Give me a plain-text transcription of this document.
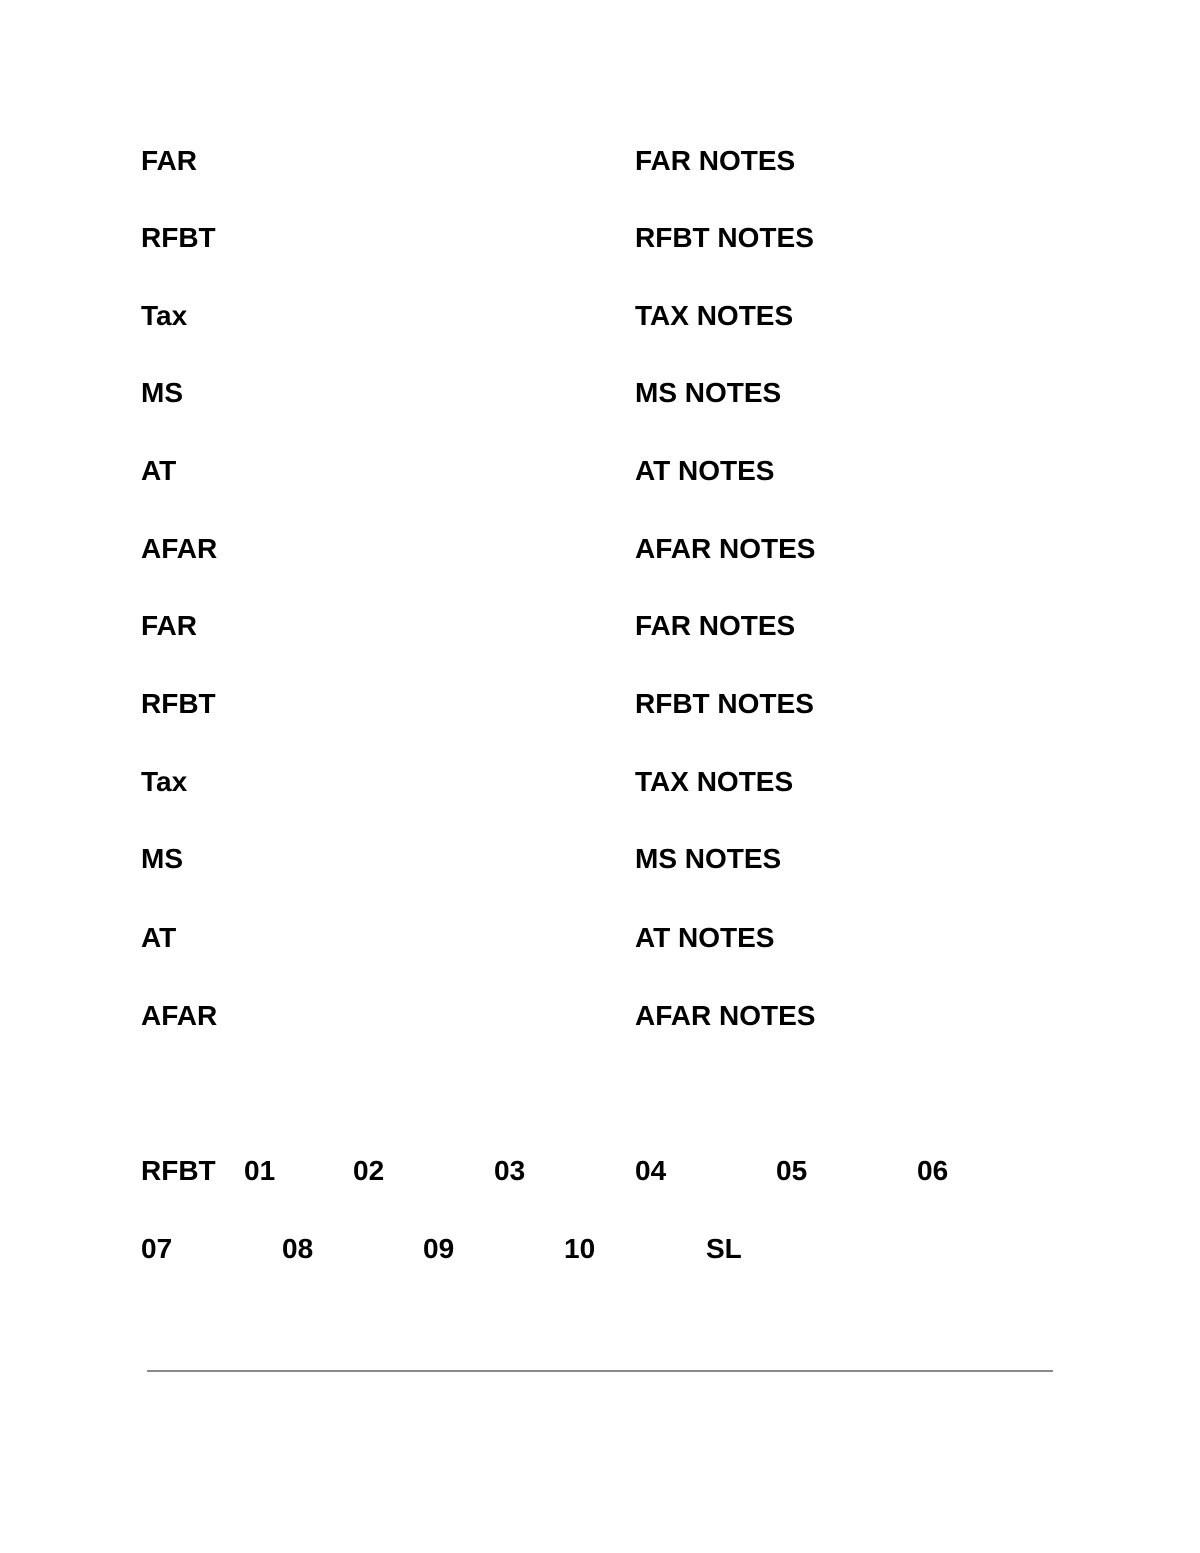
FAR	FAR NOTES
RFBT	RFBT NOTES
Tax	TAX NOTES
MS	MS NOTES
AT	AT NOTES
AFAR	AFAR NOTES
FAR	FAR NOTES
RFBT	RFBT NOTES
Tax	TAX NOTES
MS	MS NOTES
AT	AT NOTES
AFAR	AFAR NOTES
RFBT 01	02	03	04	05	06
07	08	09	10	SL
